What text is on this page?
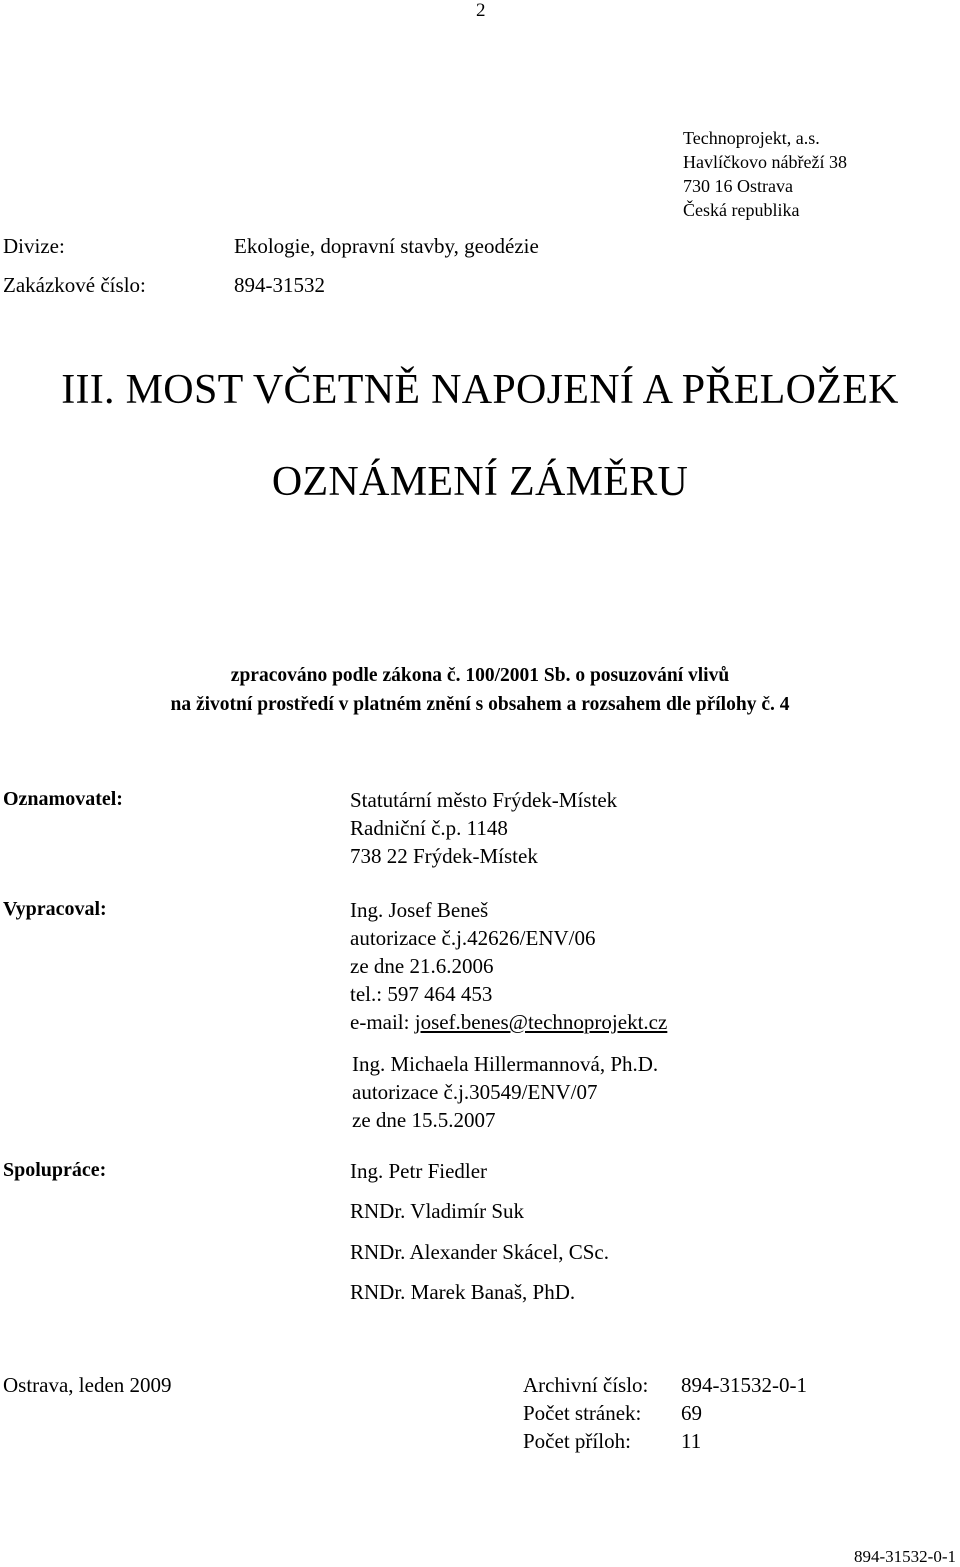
2
Technoprojekt, a.s.
Havlíčkovo nábřeží 38
730 16 Ostrava
Česká republika
Divize:	Ekologie, dopravní stavby, geodézie
Zakázkové číslo:	894-31532
III. MOST VČETNĚ NAPOJENÍ A PŘELOŽEK
OZNÁMENÍ ZÁMĚRU
zpracováno podle zákona č. 100/2001 Sb. o posuzování vlivů
na životní prostředí v platném znění s obsahem a rozsahem dle přílohy č. 4
Oznamovatel:	Statutární město Frýdek-Místek
Radniční č.p. 1148
738 22 Frýdek-Místek
Vypracoval:	Ing. Josef Beneš
autorizace č.j.42626/ENV/06
ze dne 21.6.2006
tel.: 597 464 453
e-mail: josef.benes@technoprojekt.cz
Ing. Michaela Hillermannová, Ph.D.
autorizace č.j.30549/ENV/07
ze dne 15.5.2007
Spolupráce:	Ing. Petr Fiedler
RNDr. Vladimír Suk
RNDr. Alexander Skácel, CSc.
RNDr. Marek Banaš, PhD.
Ostrava, leden 2009	Archivní číslo:	894-31532-0-1
Počet stránek:	69
Počet příloh:	11
894-31532-0-1
